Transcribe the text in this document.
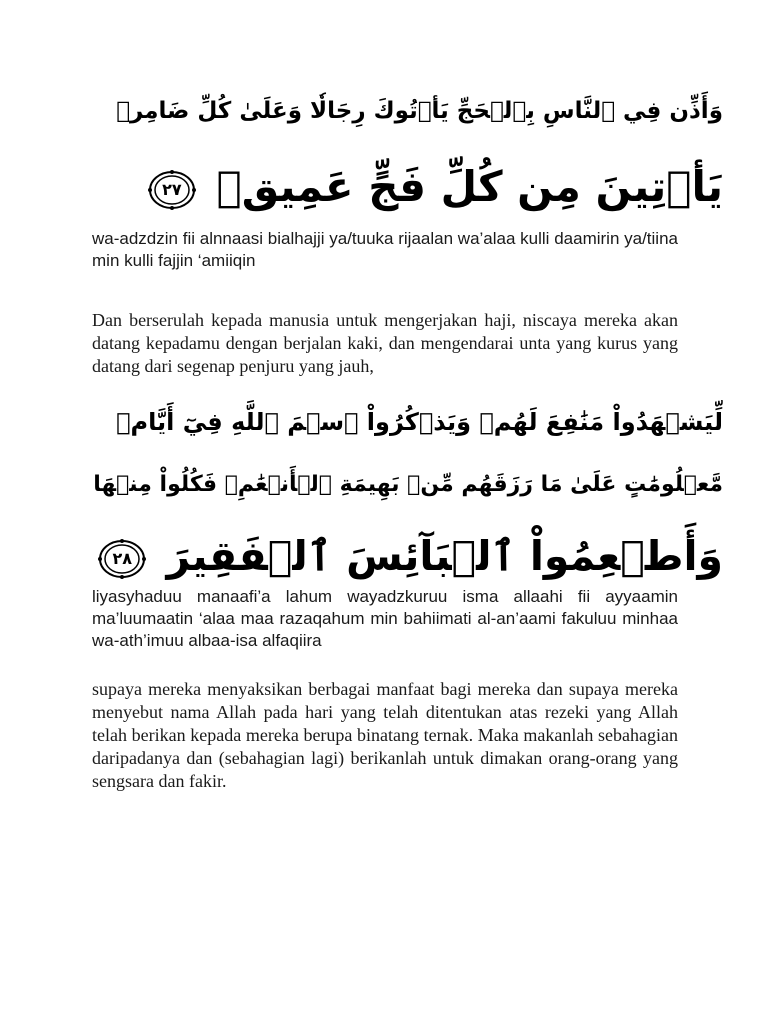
وَأَذِّن فِي ٱلنَّاسِ بِٱلۡحَجِّ يَأۡتُوكَ رِجَالٗا وَعَلَىٰ كُلِّ ضَامِرٖ
يَأۡتِينَ مِن كُلِّ فَجٍّ عَمِيقٖ
٢٧
wa-adzdzin fii alnnaasi bialhajji ya/tuuka rijaalan wa’alaa kulli daamirin ya/tiina min kulli fajjin ‘amiiqin
Dan berserulah kepada manusia untuk mengerjakan haji, niscaya mereka akan datang kepadamu dengan berjalan kaki, dan mengendarai unta yang kurus yang datang dari segenap penjuru yang jauh,
لِّيَشۡهَدُواْ مَنَٰفِعَ لَهُمۡ وَيَذۡكُرُواْ ٱسۡمَ ٱللَّهِ فِيٓ أَيَّامٖ
مَّعۡلُومَٰتٍ عَلَىٰ مَا رَزَقَهُم مِّنۢ بَهِيمَةِ ٱلۡأَنۡعَٰمِۖ فَكُلُواْ مِنۡهَا
وَأَطۡعِمُواْ ٱلۡبَآئِسَ ٱلۡفَقِيرَ
٢٨
liyasyhaduu manaafi’a lahum wayadzkuruu isma allaahi fii ayyaamin ma’luumaatin ‘alaa maa razaqahum min bahiimati al-an’aami fakuluu minhaa wa-ath’imuu albaa-isa alfaqiira
supaya mereka menyaksikan berbagai manfaat bagi mereka dan supaya mereka menyebut nama Allah pada hari yang telah ditentukan atas rezeki yang Allah telah berikan kepada mereka berupa binatang ternak. Maka makanlah sebahagian daripadanya dan (sebahagian lagi) berikanlah untuk dimakan orang-orang yang sengsara dan fakir.
